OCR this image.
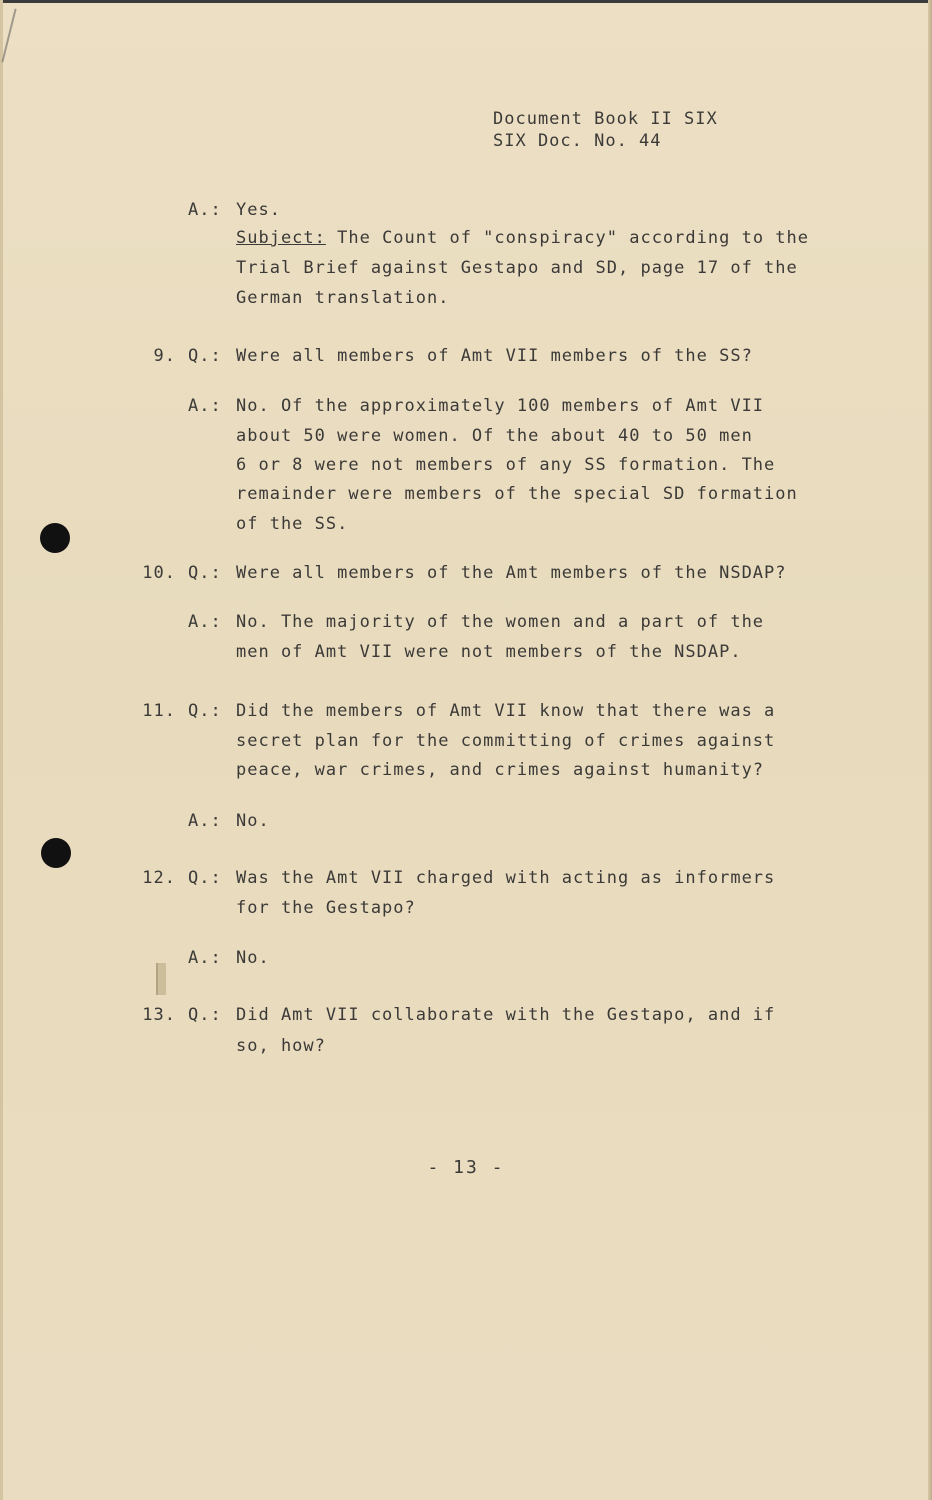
Document Book II SIX
SIX Doc. No. 44
A.: Yes.
Subject: The Count of "conspiracy" according to the
Trial Brief against Gestapo and SD, page 17 of the
German translation.
9. Q.: Were all members of Amt VII members of the SS?
A.: No. Of the approximately 100 members of Amt VII
about 50 were women. Of the about 40 to 50 men
6 or 8 were not members of any SS formation. The
remainder were members of the special SD formation
of the SS.
10. Q.: Were all members of the Amt members of the NSDAP?
A.: No. The majority of the women and a part of the
men of Amt VII were not members of the NSDAP.
11. Q.: Did the members of Amt VII know that there was a
secret plan for the committing of crimes against
peace, war crimes, and crimes against humanity?
A.: No.
12. Q.: Was the Amt VII charged with acting as informers
for the Gestapo?
A.: No.
13. Q.: Did Amt VII collaborate with the Gestapo, and if
so, how?
- 13 -
